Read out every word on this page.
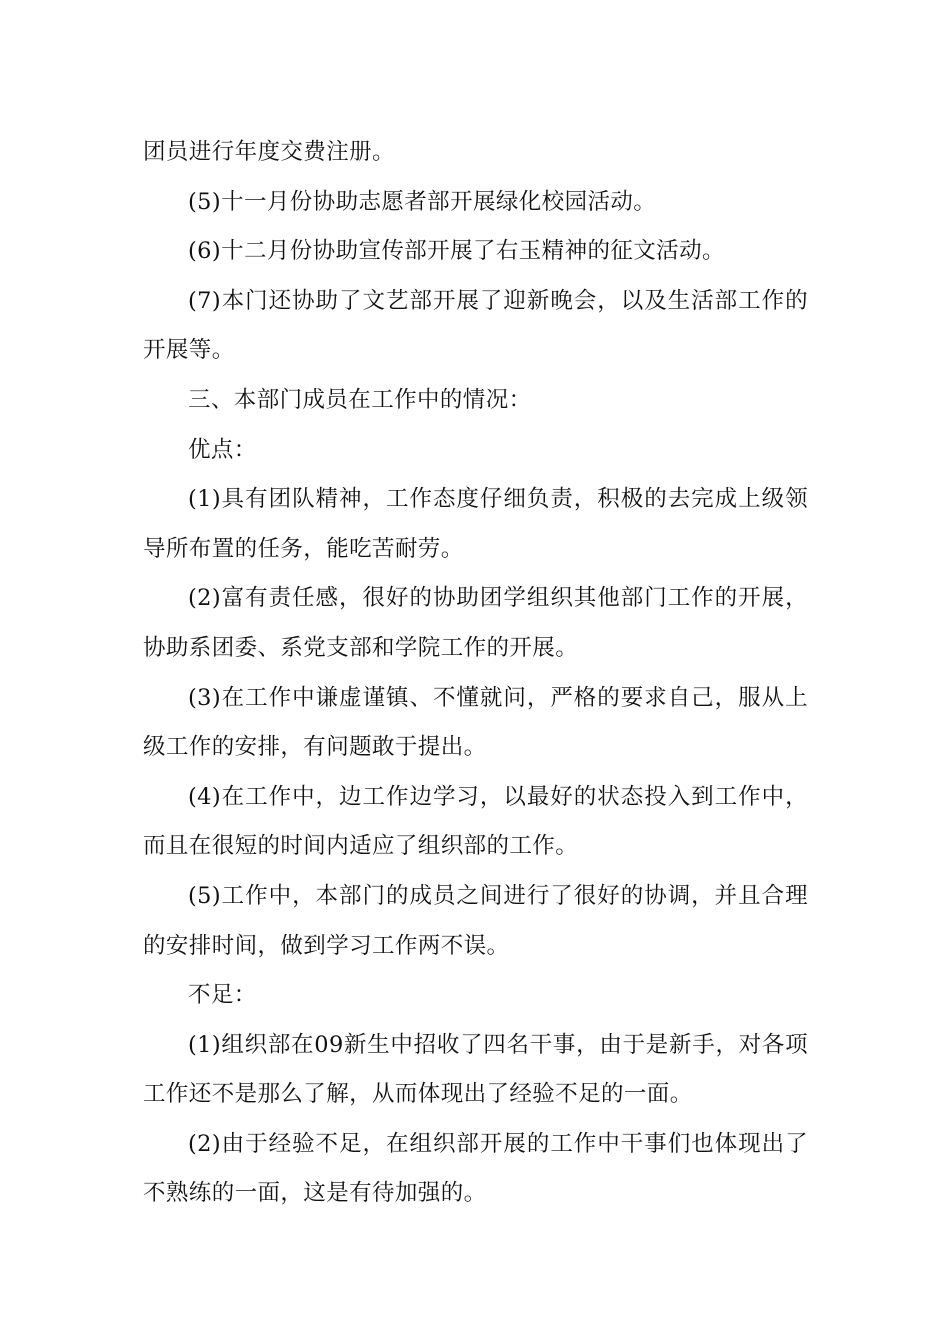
团员进行年度交费注册。

(5)十一月份协助志愿者部开展绿化校园活动。

(6)十二月份协助宣传部开展了右玉精神的征文活动。

(7)本门还协助了文艺部开展了迎新晚会，以及生活部工作的开展等。

三、本部门成员在工作中的情况：

优点：

(1)具有团队精神，工作态度仔细负责，积极的去完成上级领导所布置的任务，能吃苦耐劳。

(2)富有责任感，很好的协助团学组织其他部门工作的开展，协助系团委、系党支部和学院工作的开展。

(3)在工作中谦虚谨镇、不懂就问，严格的要求自己，服从上级工作的安排，有问题敢于提出。

(4)在工作中，边工作边学习，以最好的状态投入到工作中，而且在很短的时间内适应了组织部的工作。

(5)工作中，本部门的成员之间进行了很好的协调，并且合理的安排时间，做到学习工作两不误。

不足：

(1)组织部在09新生中招收了四名干事，由于是新手，对各项工作还不是那么了解，从而体现出了经验不足的一面。

(2)由于经验不足，在组织部开展的工作中干事们也体现出了不熟练的一面，这是有待加强的。
